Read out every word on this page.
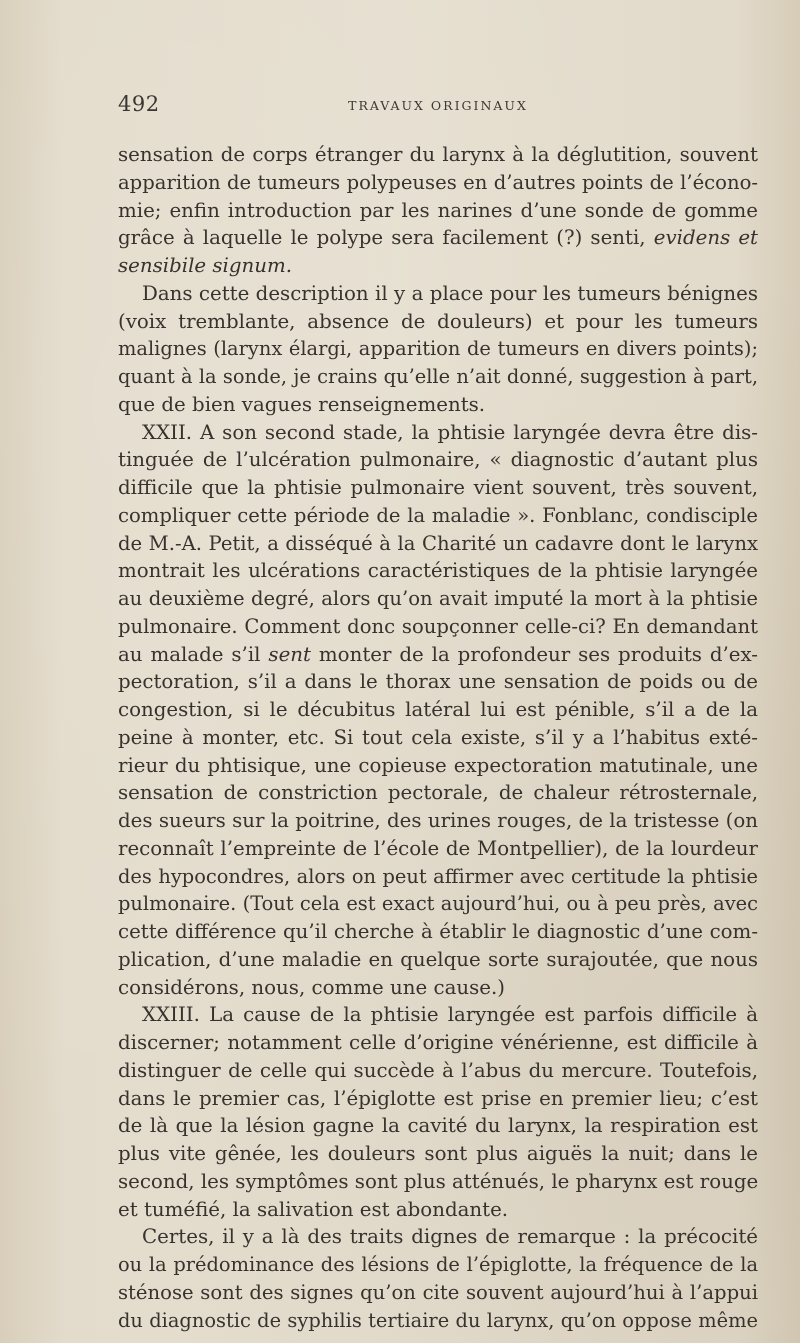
492	TRAVAUX ORIGINAUX
sensation de corps étranger du larynx à la déglutition, souvent
apparition de tumeurs polypeuses en d’autres points de l’écono-
mie; enfin introduction par les narines d’une sonde de gomme
grâce à laquelle le polype sera facilement (?) senti, evidens et
sensibile signum.
Dans cette description il y a place pour les tumeurs bénignes
(voix tremblante, absence de douleurs) et pour les tumeurs
malignes (larynx élargi, apparition de tumeurs en divers points);
quant à la sonde, je crains qu’elle n’ait donné, suggestion à part,
que de bien vagues renseignements.
XXII. A son second stade, la phtisie laryngée devra être dis-
tinguée de l’ulcération pulmonaire, « diagnostic d’autant plus
difficile que la phtisie pulmonaire vient souvent, très souvent,
compliquer cette période de la maladie ». Fonblanc, condisciple
de M.-A. Petit, a disséqué à la Charité un cadavre dont le larynx
montrait les ulcérations caractéristiques de la phtisie laryngée
au deuxième degré, alors qu’on avait imputé la mort à la phtisie
pulmonaire. Comment donc soupçonner celle-ci? En demandant
au malade s’il sent monter de la profondeur ses produits d’ex-
pectoration, s’il a dans le thorax une sensation de poids ou de
congestion, si le décubitus latéral lui est pénible, s’il a de la
peine à monter, etc. Si tout cela existe, s’il y a l’habitus exté-
rieur du phtisique, une copieuse expectoration matutinale, une
sensation de constriction pectorale, de chaleur rétrosternale,
des sueurs sur la poitrine, des urines rouges, de la tristesse (on
reconnaît l’empreinte de l’école de Montpellier), de la lourdeur
des hypocondres, alors on peut affirmer avec certitude la phtisie
pulmonaire. (Tout cela est exact aujourd’hui, ou à peu près, avec
cette différence qu’il cherche à établir le diagnostic d’une com-
plication, d’une maladie en quelque sorte surajoutée, que nous
considérons, nous, comme une cause.)
XXIII. La cause de la phtisie laryngée est parfois difficile à
discerner; notamment celle d’origine vénérienne, est difficile à
distinguer de celle qui succède à l’abus du mercure. Toutefois,
dans le premier cas, l’épiglotte est prise en premier lieu; c’est
de là que la lésion gagne la cavité du larynx, la respiration est
plus vite gênée, les douleurs sont plus aiguës la nuit; dans le
second, les symptômes sont plus atténués, le pharynx est rouge
et tuméfié, la salivation est abondante.
Certes, il y a là des traits dignes de remarque : la précocité
ou la prédominance des lésions de l’épiglotte, la fréquence de la
sténose sont des signes qu’on cite souvent aujourd’hui à l’appui
du diagnostic de syphilis tertiaire du larynx, qu’on oppose même
